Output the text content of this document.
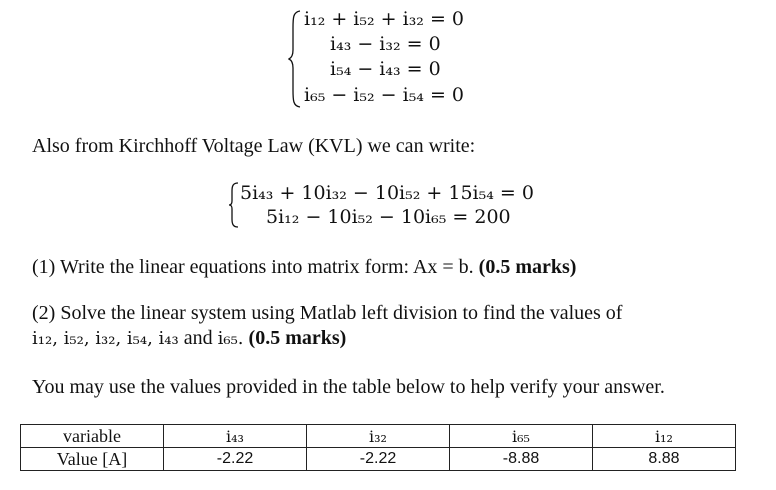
i₁₂ + i₅₂ + i₃₂ = 0
i₄₃ − i₃₂ = 0
i₅₄ − i₄₃ = 0
i₆₅ − i₅₂ − i₅₄ = 0
Also from Kirchhoff Voltage Law (KVL) we can write:
5i₄₃ + 10i₃₂ − 10i₅₂ + 15i₅₄ = 0
5i₁₂ − 10i₅₂ − 10i₆₅ = 200
(1) Write the linear equations into matrix form: Ax = b. (0.5 marks)
(2) Solve the linear system using Matlab left division to find the values of
i₁₂, i₅₂, i₃₂, i₅₄, i₄₃ and i₆₅. (0.5 marks)
You may use the values provided in the table below to help verify your answer.
variable	i₄₃	i₃₂	i₆₅	i₁₂
Value [A]	-2.22	-2.22	-8.88	8.88
